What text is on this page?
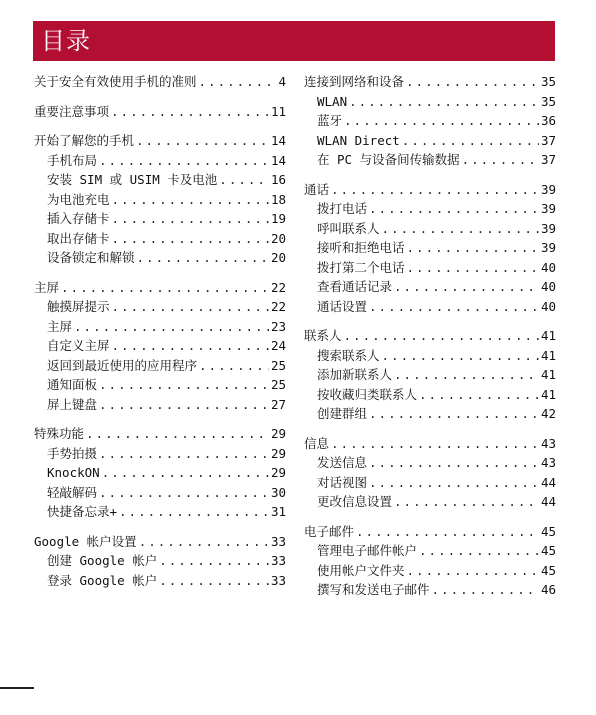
目录
关于安全有效使用手机的准则 .....	4
重要注意事项 .....	11
开始了解您的手机 .....	14
手机布局 .....	14
安装 SIM 或 USIM 卡及电池 .....	16
为电池充电 .....	18
插入存储卡 .....	19
取出存储卡 .....	20
设备锁定和解锁 .....	20
主屏 .....	22
触摸屏提示 .....	22
主屏 .....	23
自定义主屏 .....	24
返回到最近使用的应用程序 .....	25
通知面板 .....	25
屏上键盘 .....	27
特殊功能 .....	29
手势拍摄 .....	29
KnockON .....	29
轻敲解码 .....	30
快捷备忘录+ .....	31
Google 帐户设置 .....	33
创建 Google 帐户 .....	33
登录 Google 帐户 .....	33
连接到网络和设备 .....	35
WLAN .....	35
蓝牙 .....	36
WLAN Direct .....	37
在 PC 与设备间传输数据 .....	37
通话 .....	39
拨打电话 .....	39
呼叫联系人 .....	39
接听和拒绝电话 .....	39
拨打第二个电话 .....	40
查看通话记录 .....	40
通话设置 .....	40
联系人 .....	41
搜索联系人 .....	41
添加新联系人 .....	41
按收藏归类联系人 .....	41
创建群组 .....	42
信息 .....	43
发送信息 .....	43
对话视图 .....	44
更改信息设置 .....	44
电子邮件 .....	45
管理电子邮件帐户 .....	45
使用帐户文件夹 .....	45
撰写和发送电子邮件 .....	46
